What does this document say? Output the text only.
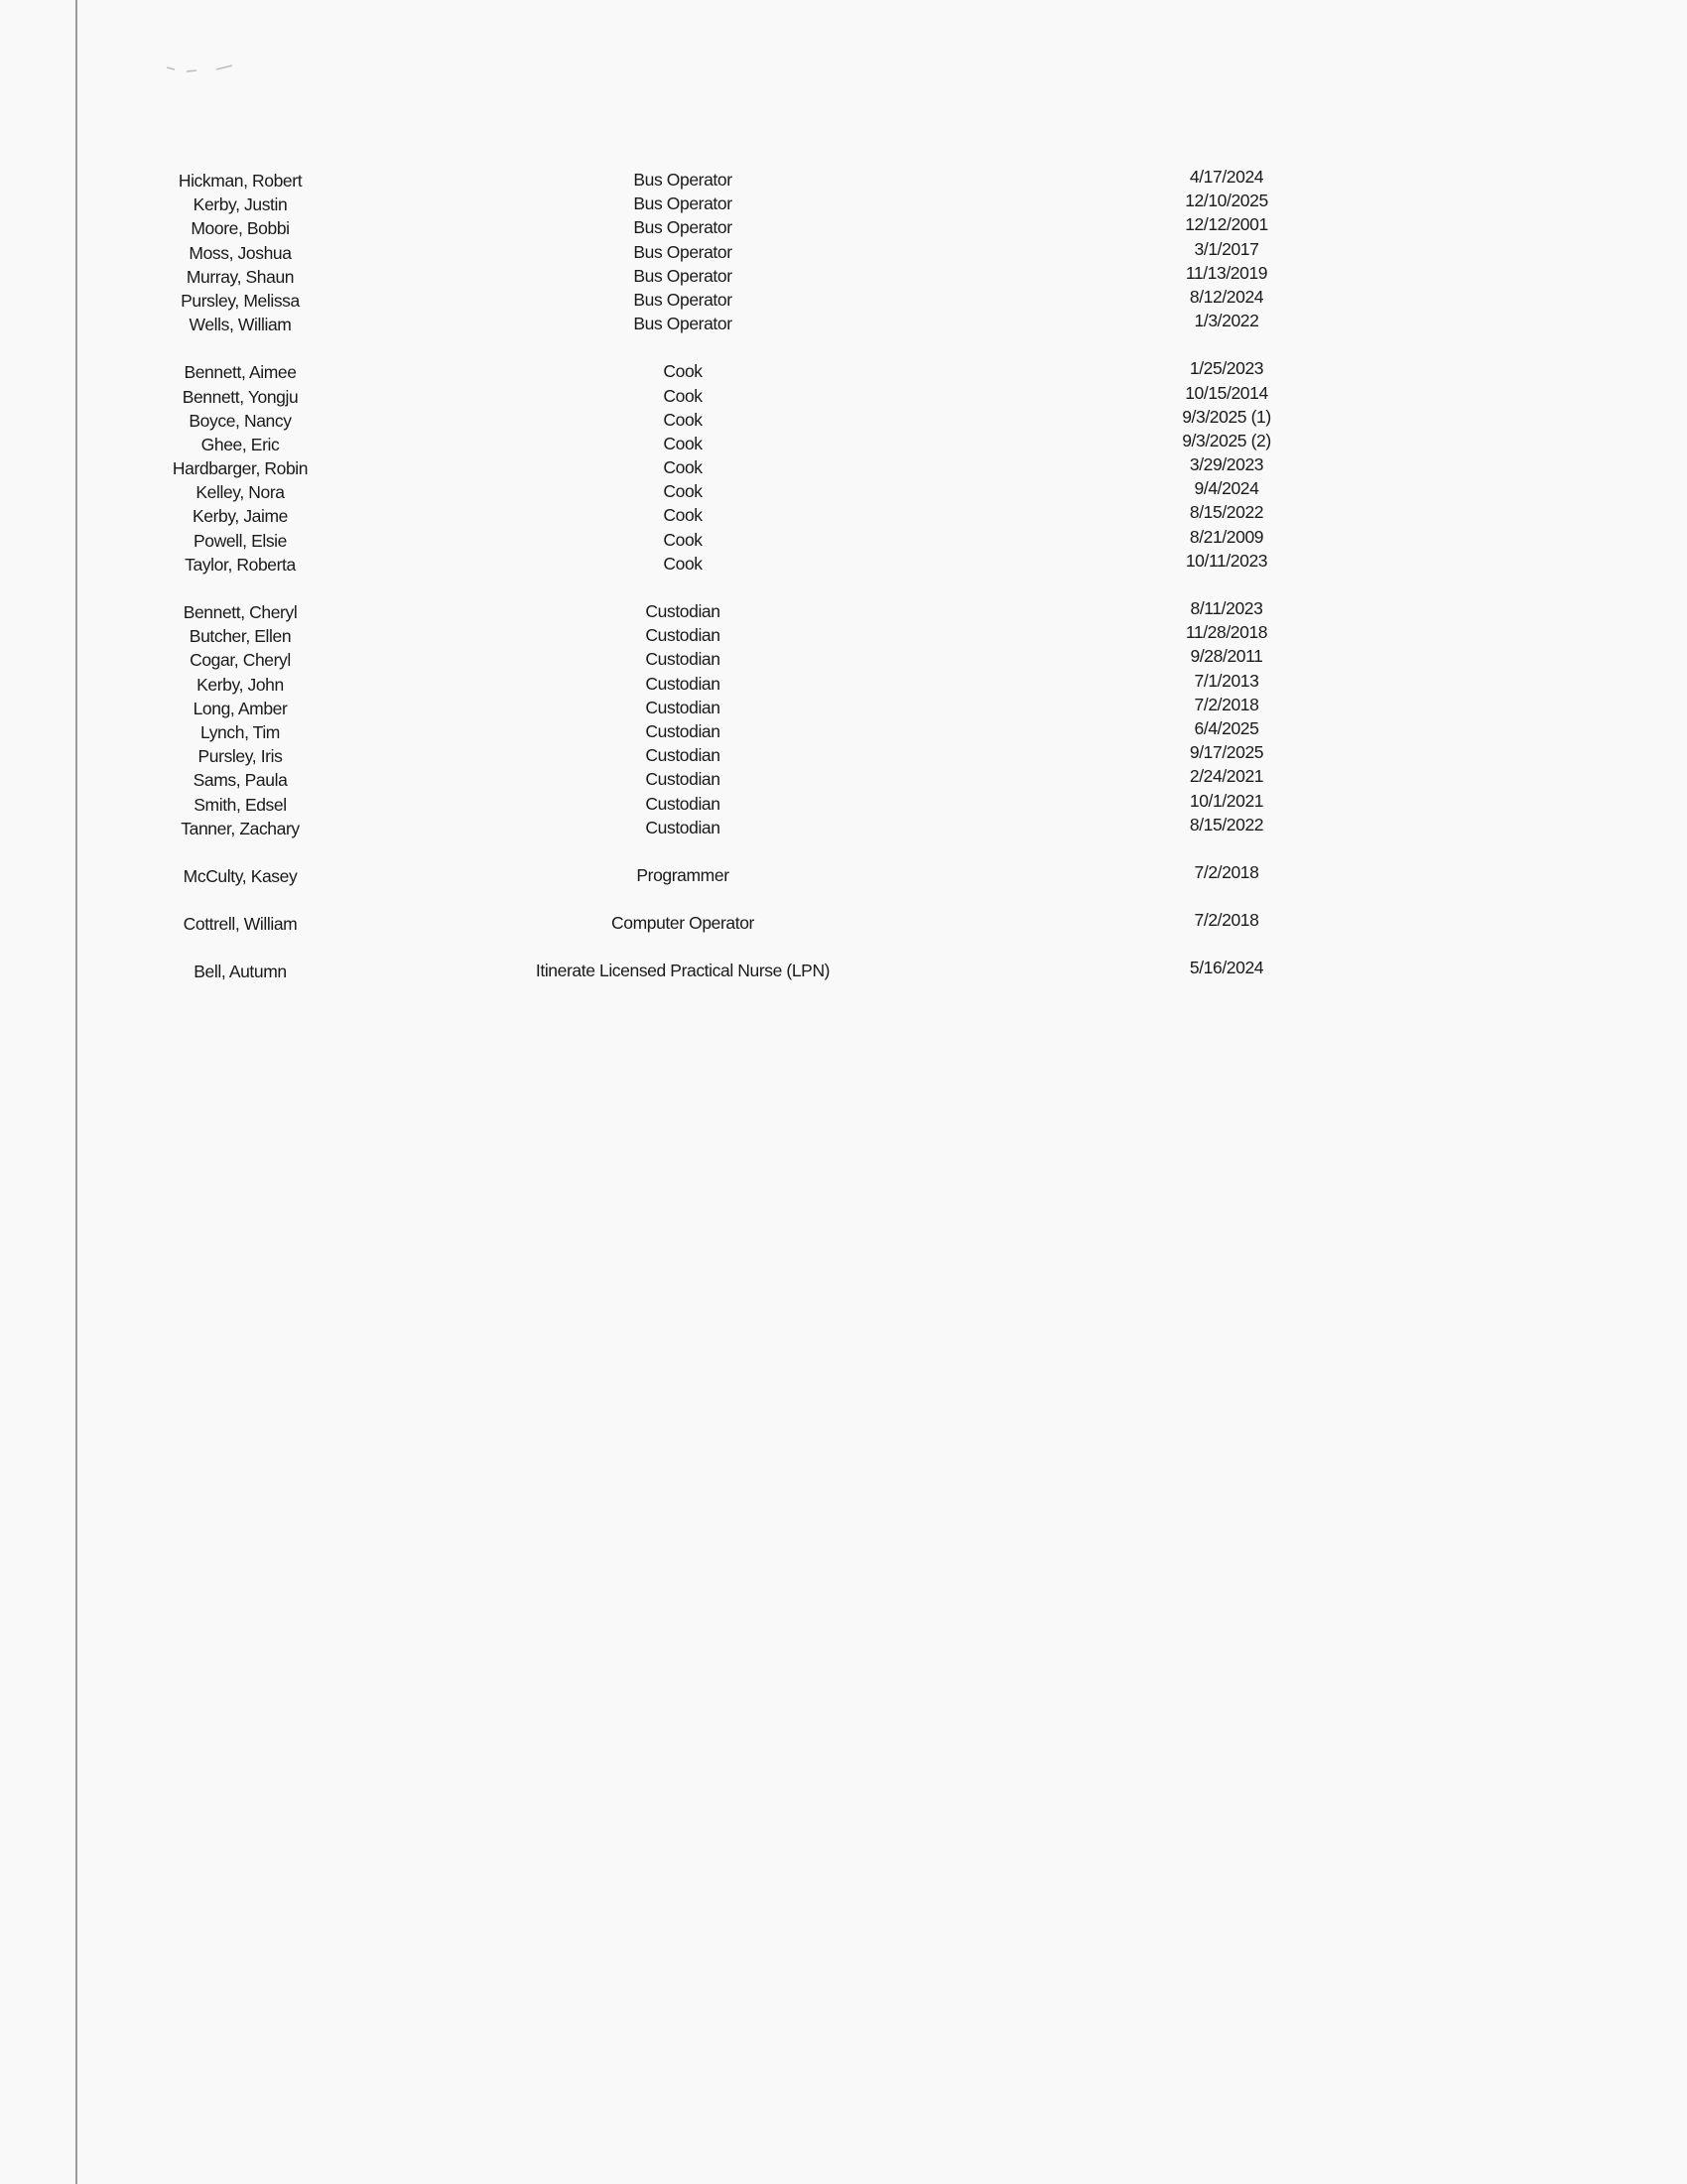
Hickman, Robert	Bus Operator	4/17/2024
Kerby, Justin	Bus Operator	12/10/2025
Moore, Bobbi	Bus Operator	12/12/2001
Moss, Joshua	Bus Operator	3/1/2017
Murray, Shaun	Bus Operator	11/13/2019
Pursley, Melissa	Bus Operator	8/12/2024
Wells, William	Bus Operator	1/3/2022
Bennett, Aimee	Cook	1/25/2023
Bennett, Yongju	Cook	10/15/2014
Boyce, Nancy	Cook	9/3/2025 (1)
Ghee, Eric	Cook	9/3/2025 (2)
Hardbarger, Robin	Cook	3/29/2023
Kelley, Nora	Cook	9/4/2024
Kerby, Jaime	Cook	8/15/2022
Powell, Elsie	Cook	8/21/2009
Taylor, Roberta	Cook	10/11/2023
Bennett, Cheryl	Custodian	8/11/2023
Butcher, Ellen	Custodian	11/28/2018
Cogar, Cheryl	Custodian	9/28/2011
Kerby, John	Custodian	7/1/2013
Long, Amber	Custodian	7/2/2018
Lynch, Tim	Custodian	6/4/2025
Pursley, Iris	Custodian	9/17/2025
Sams, Paula	Custodian	2/24/2021
Smith, Edsel	Custodian	10/1/2021
Tanner, Zachary	Custodian	8/15/2022
McCulty, Kasey	Programmer	7/2/2018
Cottrell, William	Computer Operator	7/2/2018
Bell, Autumn	Itinerate Licensed Practical Nurse (LPN)	5/16/2024
